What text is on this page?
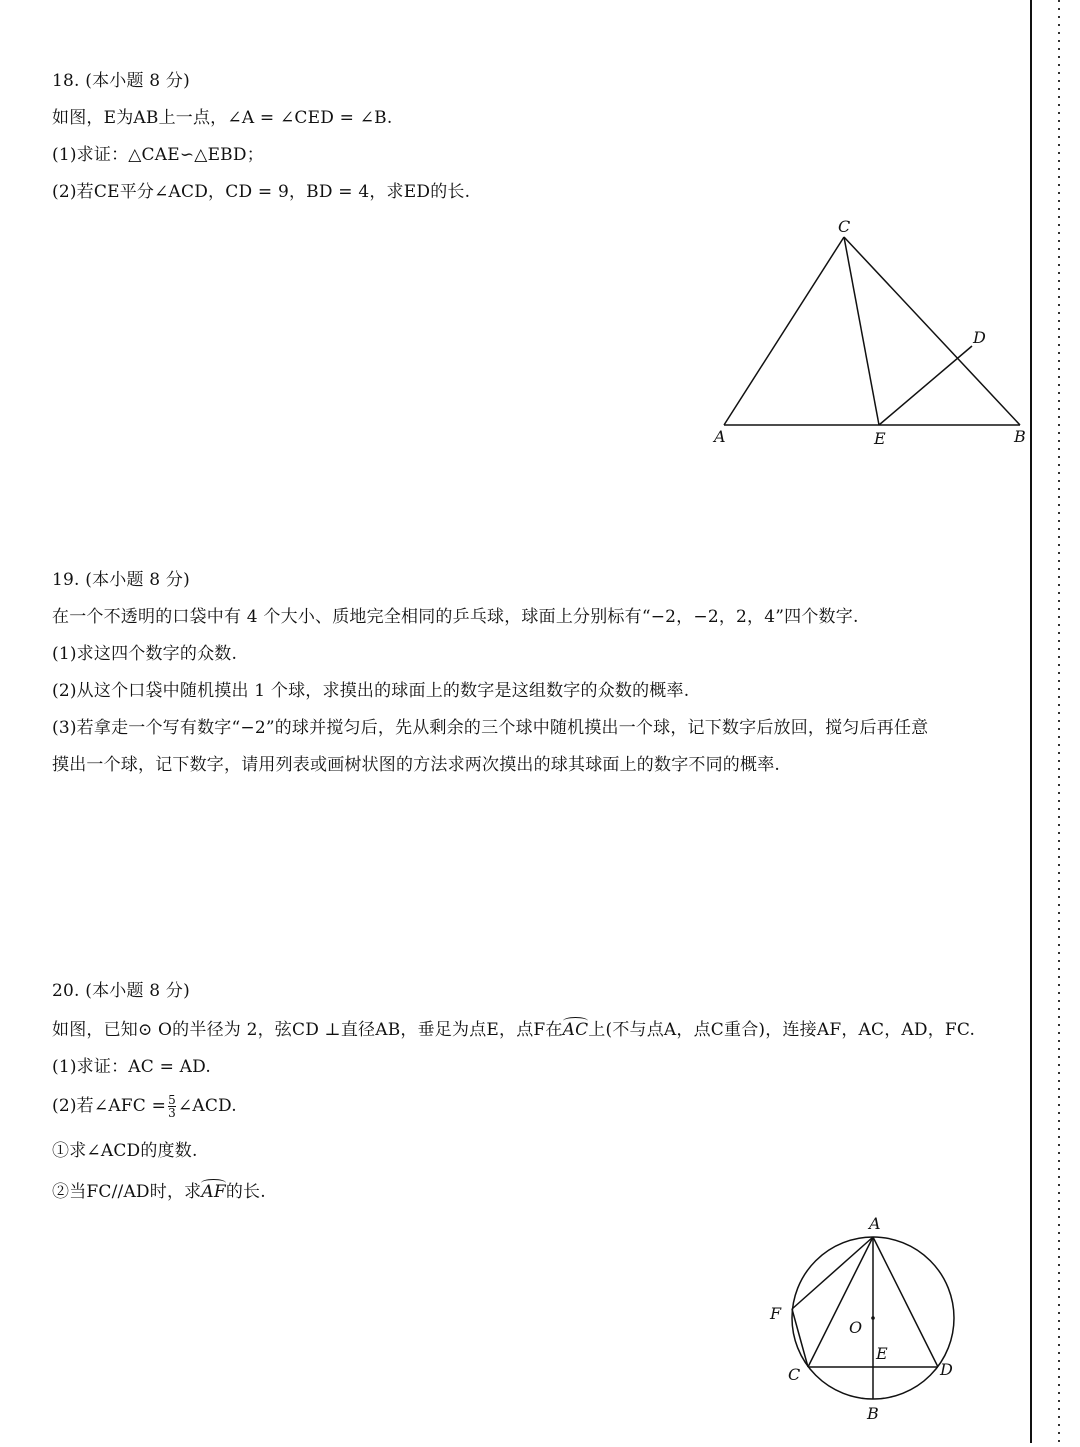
18. (本小题 8 分)
如图，E为AB上一点，∠A = ∠CED = ∠B.
(1)求证：△CAE∽△EBD；
(2)若CE平分∠ACD，CD = 9，BD = 4，求ED的长.
A	B
C
D
E
19. (本小题 8 分)
在一个不透明的口袋中有 4 个大小、质地完全相同的乒乓球，球面上分别标有“−2，−2，2，4”四个数字.
(1)求这四个数字的众数.
(2)从这个口袋中随机摸出 1 个球，求摸出的球面上的数字是这组数字的众数的概率.
(3)若拿走一个写有数字“−2”的球并搅匀后，先从剩余的三个球中随机摸出一个球，记下数字后放回，搅匀后再任意
摸出一个球，记下数字，请用列表或画树状图的方法求两次摸出的球其球面上的数字不同的概率.
20. (本小题 8 分)
如图，已知⊙ O的半径为 2，弦CD ⊥直径AB，垂足为点E，点F在AC上(不与点A，点C重合)，连接AF，AC，AD，FC.
(1)求证：AC = AD.
(2)若∠AFC = $\frac{5}{3}$ ∠ACD.
①求∠ACD的度数.
②当FC//AD时，求AF的长.
A
B
C	D
E
F
O
